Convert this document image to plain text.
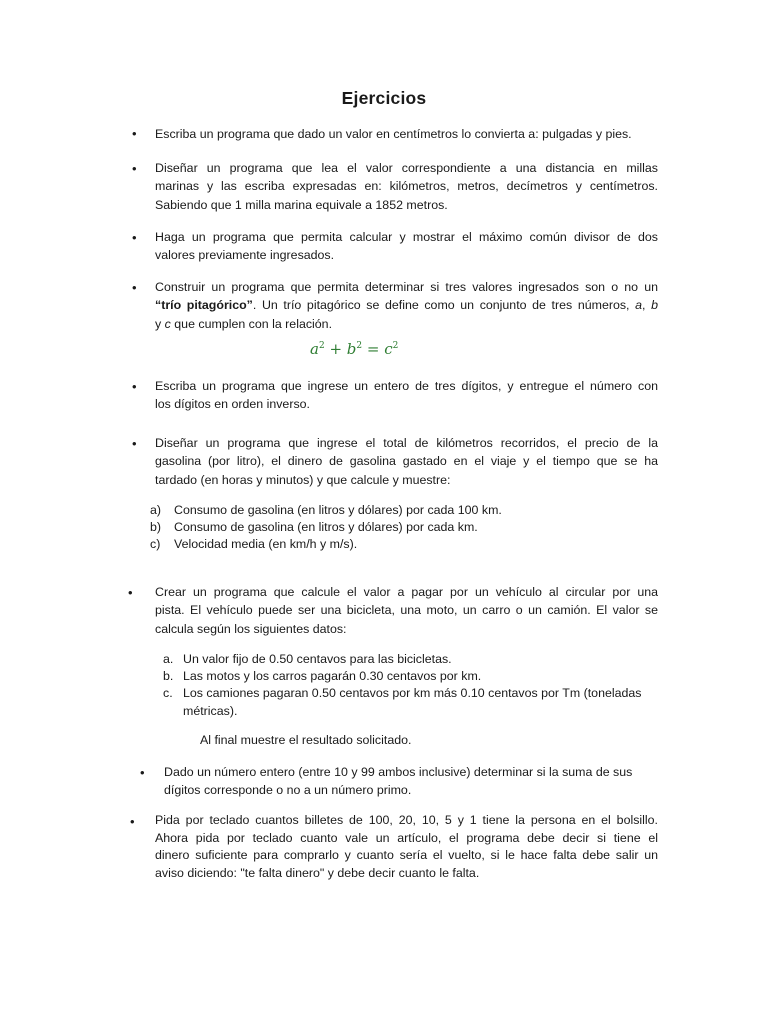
Ejercicios
• Escriba un programa que dado un valor en centímetros lo convierta a: pulgadas y pies.
• Diseñar un programa que lea el valor correspondiente a una distancia en millas
marinas y las escriba expresadas en: kilómetros, metros, decímetros y centímetros.
Sabiendo que 1 milla marina equivale a 1852 metros.
• Haga un programa que permita calcular y mostrar el máximo común divisor de dos
valores previamente ingresados.
• Construir un programa que permita determinar si tres valores ingresados son o no un
“trío pitagórico”. Un trío pitagórico se define como un conjunto de tres números, a, b
y c que cumplen con la relación.
$a^2 + b^2 = c^2$
• Escriba un programa que ingrese un entero de tres dígitos, y entregue el número con
los dígitos en orden inverso.
• Diseñar un programa que ingrese el total de kilómetros recorridos, el precio de la
gasolina (por litro), el dinero de gasolina gastado en el viaje y el tiempo que se ha
tardado (en horas y minutos) y que calcule y muestre:
a)	Consumo de gasolina (en litros y dólares) por cada 100 km.
b)	Consumo de gasolina (en litros y dólares) por cada km.
c)	Velocidad media (en km/h y m/s).
• Crear un programa que calcule el valor a pagar por un vehículo al circular por una
pista. El vehículo puede ser una bicicleta, una moto, un carro o un camión. El valor se
calcula según los siguientes datos:
a. Un valor fijo de 0.50 centavos para las bicicletas.
b. Las motos y los carros pagarán 0.30 centavos por km.
c. Los camiones pagaran 0.50 centavos por km más 0.10 centavos por Tm (toneladas
métricas).
Al final muestre el resultado solicitado.
• Dado un número entero (entre 10 y 99 ambos inclusive) determinar si la suma de sus
dígitos corresponde o no a un número primo.
• Pida por teclado cuantos billetes de 100, 20, 10, 5 y 1 tiene la persona en el bolsillo.
Ahora pida por teclado cuanto vale un artículo, el programa debe decir si tiene el
dinero suficiente para comprarlo y cuanto sería el vuelto, si le hace falta debe salir un
aviso diciendo: "te falta dinero" y debe decir cuanto le falta.
